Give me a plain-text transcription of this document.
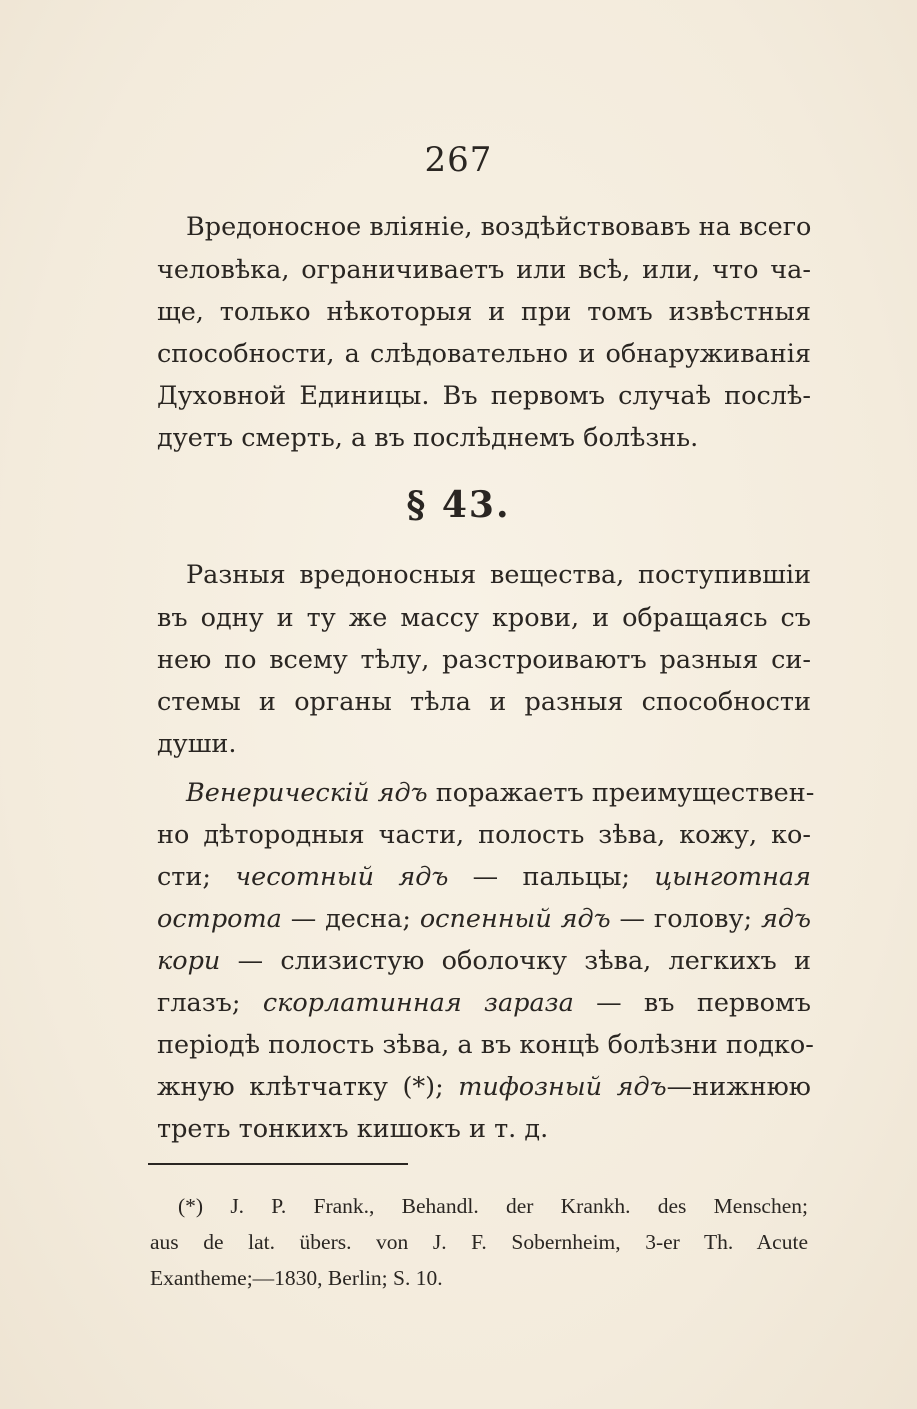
267
Вредоносное влiянiе, воздѣйствовавъ на всего
человѣка, ограничиваетъ или всѣ, или, что ча-
ще, только нѣкоторыя и при томъ извѣстныя
способности, а слѣдовательно и обнаруживанiя
Духовной Единицы. Въ первомъ случаѣ послѣ-
дуетъ смерть, а въ послѣднемъ болѣзнь.
§ 43.
Разныя вредоносныя вещества, поступившiи
въ одну и ту же массу крови, и обращаясь съ
нею по всему тѣлу, разстроиваютъ разныя си-
стемы и органы тѣла и разныя способности
души.
Венерическiй ядъ поражаетъ преимуществен-
но дѣтородныя части, полость зѣва, кожу, ко-
сти; чесотный ядъ — пальцы; цынготная
острота — десна; оспенный ядъ — голову; ядъ
кори — слизистую оболочку зѣва, легкихъ и
глазъ; скорлатинная зараза — въ первомъ
перiодѣ полость зѣва, а въ концѣ болѣзни подко-
жную клѣтчатку (*); тифозный ядъ—нижнюю
треть тонкихъ кишокъ и т. д.
(*) J. P. Frank., Behandl. der Krankh. des Menschen;
aus de lat. übers. von J. F. Sobernheim, 3-er Th. Acute
Exantheme;—1830, Berlin; S. 10.
